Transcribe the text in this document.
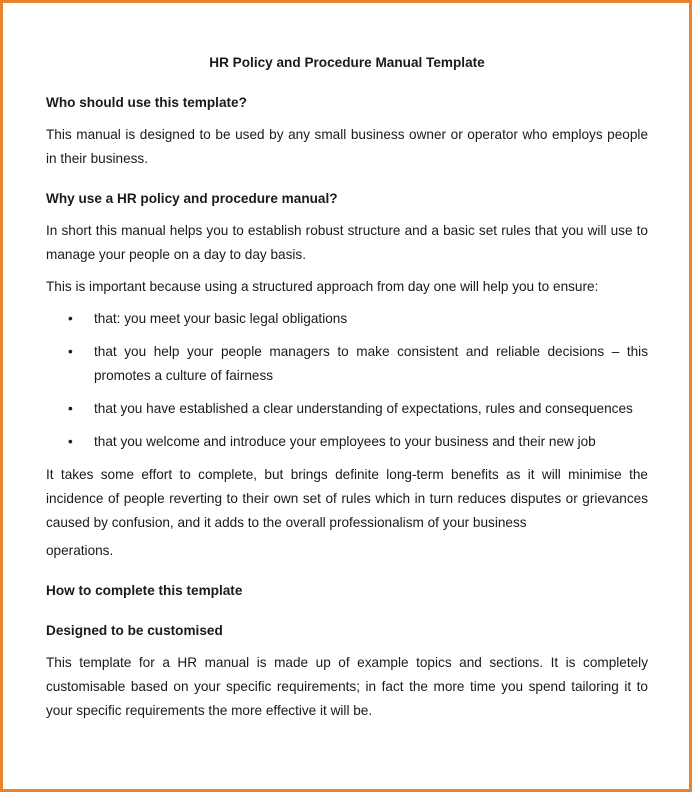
HR Policy and Procedure Manual Template
Who should use this template?

This manual is designed to be used by any small business owner or operator who employs people in their business.

Why use a HR policy and procedure manual?

In short this manual helps you to establish robust structure and a basic set rules that you will use to manage your people on a day to day basis.

This is important because using a structured approach from day one will help you to ensure:

• that: you meet your basic legal obligations
• that you help your people managers to make consistent and reliable decisions – this promotes a culture of fairness
• that you have established a clear understanding of expectations, rules and consequences
• that you welcome and introduce your employees to your business and their new job

It takes some effort to complete, but brings definite long-term benefits as it will minimise the incidence of people reverting to their own set of rules which in turn reduces disputes or grievances caused by confusion, and it adds to the overall professionalism of your business
operations.

How to complete this template
Designed to be customised

This template for a HR manual is made up of example topics and sections. It is completely customisable based on your specific requirements; in fact the more time you spend tailoring it to your specific requirements the more effective it will be.
